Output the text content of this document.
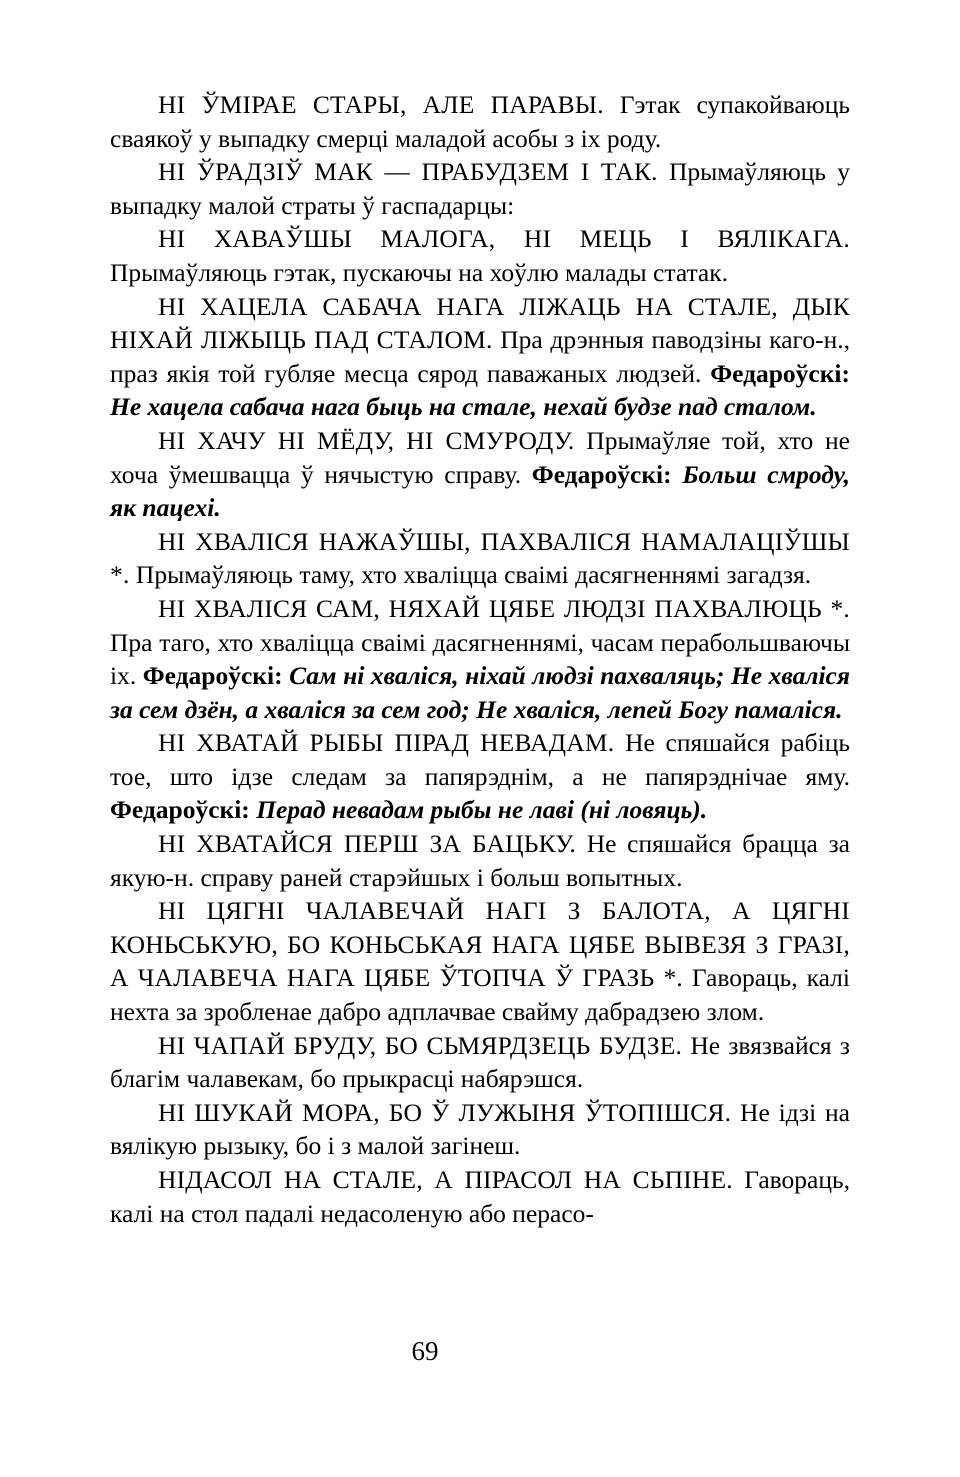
НІ ЎМІРАЕ СТАРЫ, АЛЕ ПАРАВЫ. Гэтак супакойваюць сваякоў у выпадку смерці маладой асобы з іх роду.

НІ ЎРАДЗІЎ МАК — ПРАБУДЗЕМ І ТАК. Прымаўляюць у выпадку малой страты ў гаспадарцы:

НІ ХАВАЎШЫ МАЛОГА, НІ МЕЦЬ І ВЯЛІКАГА. Прымаўляюць гэтак, пускаючы на хоўлю малады статак.

НІ ХАЦЕЛА САБАЧА НАГА ЛІЖАЦЬ НА СТАЛЕ, ДЫК НІХАЙ ЛІЖЫЦЬ ПАД СТАЛОМ. Пра дрэнныя паводзіны каго-н., праз якія той губляе месца сярод паважаных людзей. Федароўскі: Не хацела сабача нага быць на стале, нехай будзе пад сталом.

НІ ХАЧУ НІ МЁДУ, НІ СМУРОДУ. Прымаўляе той, хто не хоча ўмешвацца ў нячыстую справу. Федароўскі: Больш смроду, як пацехі.

НІ ХВАЛІСЯ НАЖАЎШЫ, ПАХВАЛІСЯ НАМАЛАЦІЎШЫ *. Прымаўляюць таму, хто хваліцца сваімі дасягненнямі загадзя.

НІ ХВАЛІСЯ САМ, НЯХАЙ ЦЯБЕ ЛЮДЗІ ПАХВАЛЮЦЬ *. Пра таго, хто хваліцца сваімі дасягненнямі, часам перабольшваючы іх. Федароўскі: Сам ні хваліся, ніхай людзі пахваляць; Не хваліся за сем дзён, а хваліся за сем год; Не хваліся, лепей Богу памаліся.

НІ ХВАТАЙ РЫБЫ ПІРАД НЕВАДАМ. Не спяшайся рабіць тое, што ідзе следам за папярэднім, а не папярэднічае яму. Федароўскі: Перад невадам рыбы не лаві (ні ловяць).

НІ ХВАТАЙСЯ ПЕРШ ЗА БАЦЬКУ. Не спяшайся брацца за якую-н. справу раней старэйшых і больш вопытных.

НІ ЦЯГНІ ЧАЛАВЕЧАЙ НАГІ З БАЛОТА, А ЦЯГНІ КОНЬСЬКУЮ, БО КОНЬСЬКАЯ НАГА ЦЯБЕ ВЫВЕЗЯ З ГРАЗІ, А ЧАЛАВЕЧА НАГА ЦЯБЕ ЎТОПЧА Ў ГРАЗЬ *. Гавораць, калі нехта за зробленае дабро адплачвае свайму дабрадзею злом.

НІ ЧАПАЙ БРУДУ, БО СЬМЯРДЗЕЦЬ БУДЗЕ. Не звязвайся з благім чалавекам, бо прыкрасці набярэшся.

НІ ШУКАЙ МОРА, БО Ў ЛУЖЫНЯ ЎТОПІШСЯ. Не ідзі на вялікую рызыку, бо і з малой загінеш.

НІДАСОЛ НА СТАЛЕ, А ПІРАСОЛ НА СЬПІНЕ. Гавораць, калі на стол падалі недасоленую або перасо-

69
